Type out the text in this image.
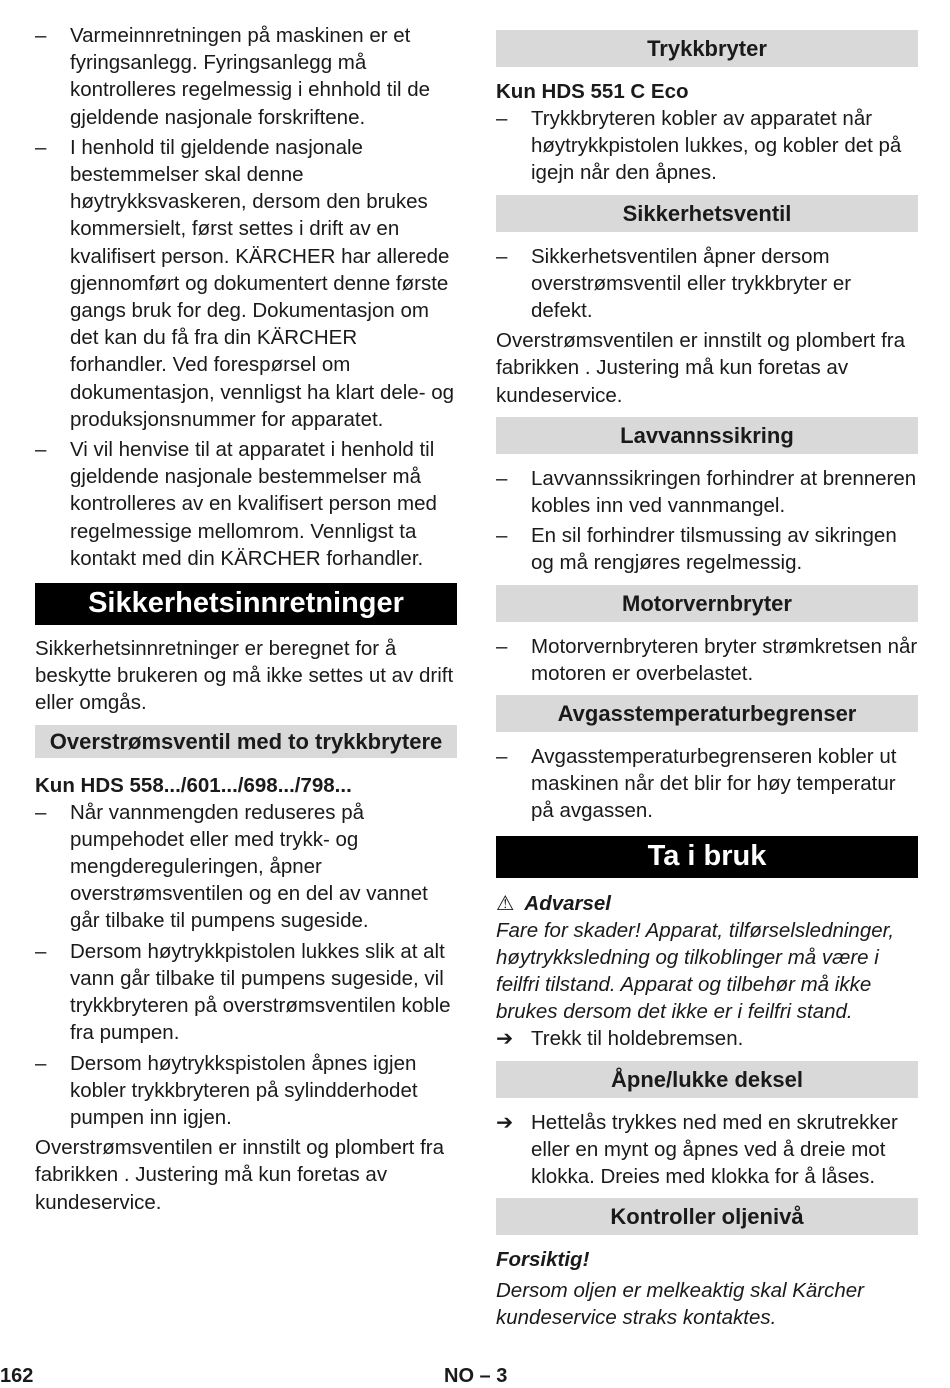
–	Varmeinnretningen på maskinen er et fyringsanlegg. Fyringsanlegg må kontrolleres regelmessig i ehnhold til de gjeldende nasjonale forskriftene.
–	I henhold til gjeldende nasjonale bestemmelser skal denne høytrykksvaskeren, dersom den brukes kommersielt, først settes i drift av en kvalifisert person. KÄRCHER har allerede gjennomført og dokumentert denne første gangs bruk for deg. Dokumentasjon om det kan du få fra din KÄRCHER forhandler. Ved forespørsel om dokumentasjon, vennligst ha klart dele- og produksjonsnummer for apparatet.
–	Vi vil henvise til at apparatet i henhold til gjeldende nasjonale bestemmelser må kontrolleres av en kvalifisert person med regelmessige mellomrom. Vennligst ta kontakt med din KÄRCHER forhandler.
Sikkerhetsinnretninger

Sikkerhetsinnretninger er beregnet for å beskytte brukeren og må ikke settes ut av drift eller omgås.

Overstrømsventil med to trykkbrytere
Kun HDS 558.../601.../698.../798...
–	Når vannmengden reduseres på pumpehodet eller med trykk- og mengdereguleringen, åpner overstrømsventilen og en del av vannet går tilbake til pumpens sugeside.
–	Dersom høytrykkpistolen lukkes slik at alt vann går tilbake til pumpens sugeside, vil trykkbryteren på overstrømsventilen koble fra pumpen.
–	Dersom høytrykkspistolen åpnes igjen kobler trykkbryteren på sylindderhodet pumpen inn igjen.

Overstrømsventilen er innstilt og plombert fra fabrikken . Justering må kun foretas av kundeservice.

Trykkbryter
Kun HDS 551 C Eco
–	Trykkbryteren kobler av apparatet når høytrykkpistolen lukkes, og kobler det på igejn når den åpnes.
Sikkerhetsventil
–	Sikkerhetsventilen åpner dersom overstrømsventil eller trykkbryter er defekt.

Overstrømsventilen er innstilt og plombert fra fabrikken . Justering må kun foretas av kundeservice.

Lavvannssikring
–	Lavvannssikringen forhindrer at brenneren kobles inn ved vannmangel.
–	En sil forhindrer tilsmussing av sikringen og må rengjøres regelmessig.
Motorvernbryter
–	Motorvernbryteren bryter strømkretsen når motoren er overbelastet.
Avgasstemperaturbegrenser
–	Avgasstemperaturbegrenseren kobler ut maskinen når det blir for høy temperatur på avgassen.
Ta i bruk
⚠ Advarsel

Fare for skader! Apparat, tilførselsledninger, høytrykksledning og tilkoblinger må være i feilfri tilstand. Apparat og tilbehør må ikke brukes dersom det ikke er i feilfri stand.

➔ Trekk til holdebremsen.
Åpne/lukke deksel
➔ Hettelås trykkes ned med en skrutrekker eller en mynt og åpnes ved å dreie mot klokka. Dreies med klokka for å låses.
Kontroller oljenivå
Forsiktig!

Dersom oljen er melkeaktig skal Kärcher kundeservice straks kontaktes.

162	NO – 3
